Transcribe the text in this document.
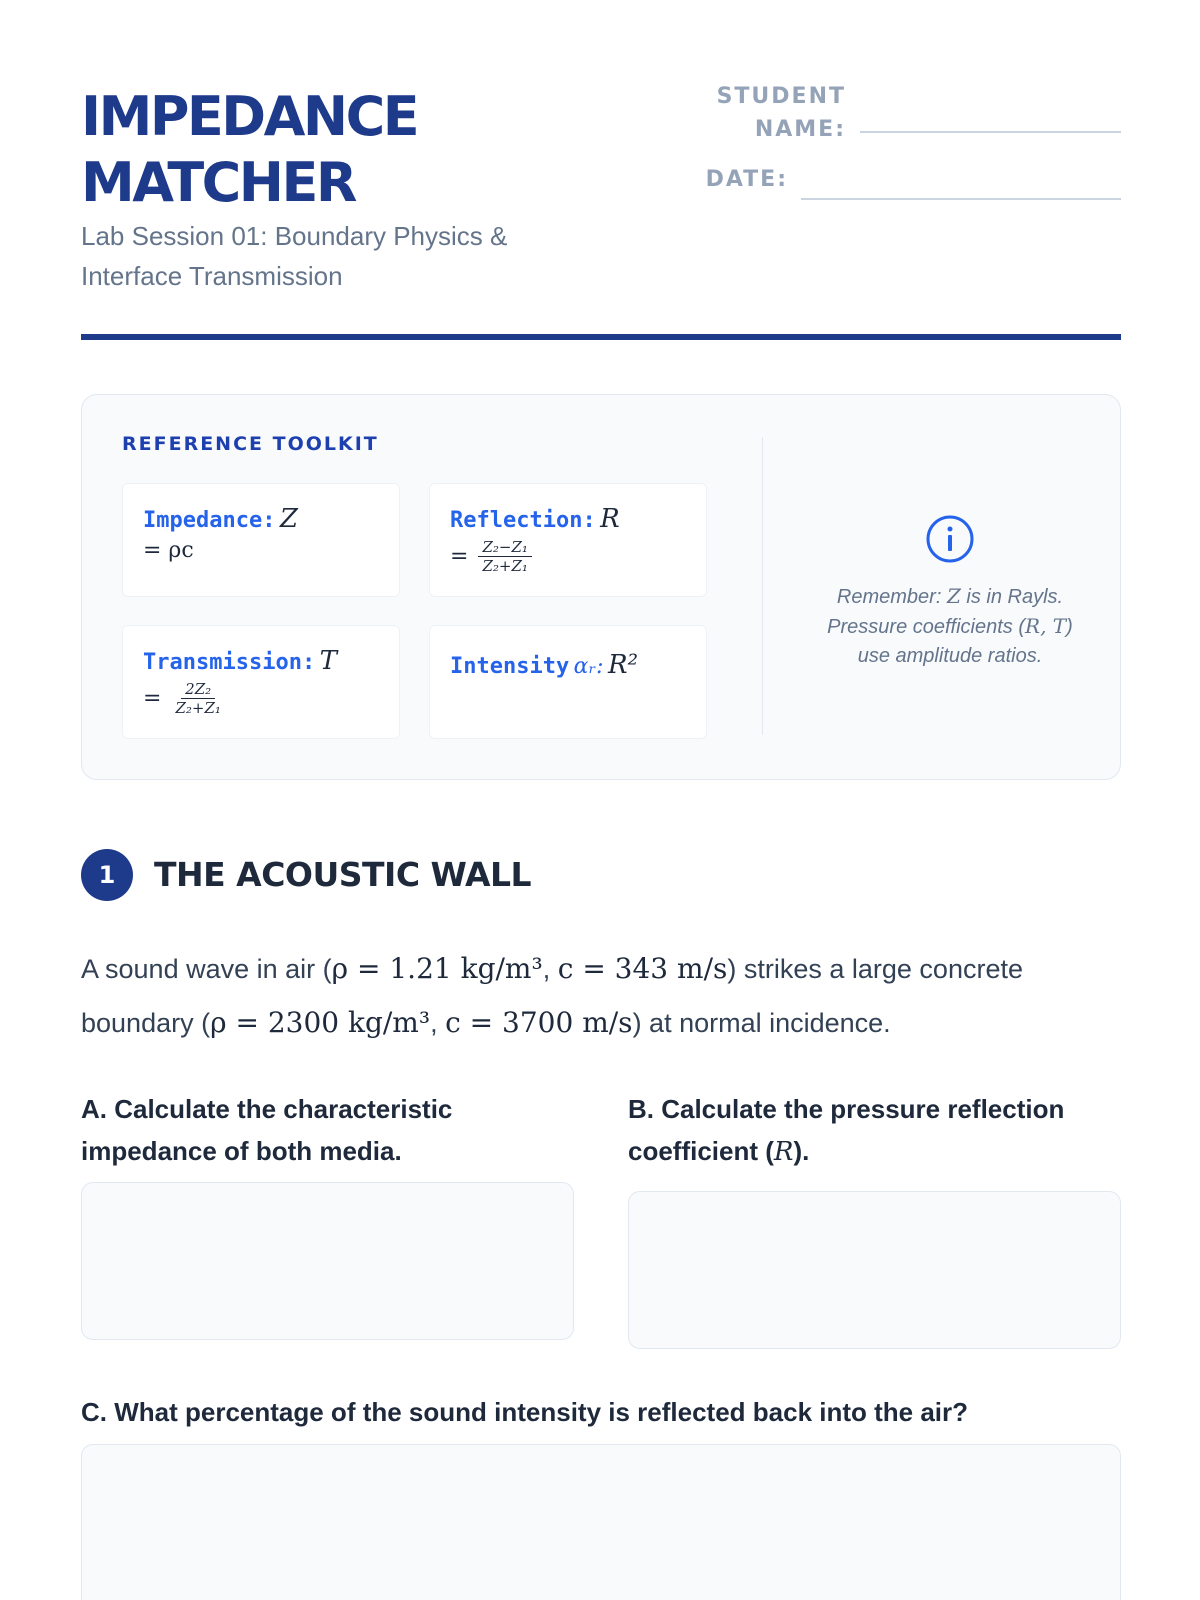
IMPEDANCE
MATCHER
Lab Session 01: Boundary Physics & Interface Transmission
STUDENT
NAME:
DATE:
REFERENCE TOOLKIT
Impedance: Z
= ρc
Reflection: R
= $\frac{\text{Z₂−Z₁}}{\text{Z₂+Z₁}}$
Transmission: T
= $\frac{\text{2Z₂}}{\text{Z₂+Z₁}}$
Intensity αᵣ: R²
Remember: Z is in Rayls. Pressure coefficients (R, T) use amplitude ratios.
1	THE ACOUSTIC WALL

A sound wave in air (ρ = 1.21 kg/m³, c = 343 m/s) strikes a large concrete boundary (ρ = 2300 kg/m³, c = 3700 m/s) at normal incidence.

A. Calculate the characteristic impedance of both media.
B. Calculate the pressure reflection coefficient (R).
C. What percentage of the sound intensity is reflected back into the air?
